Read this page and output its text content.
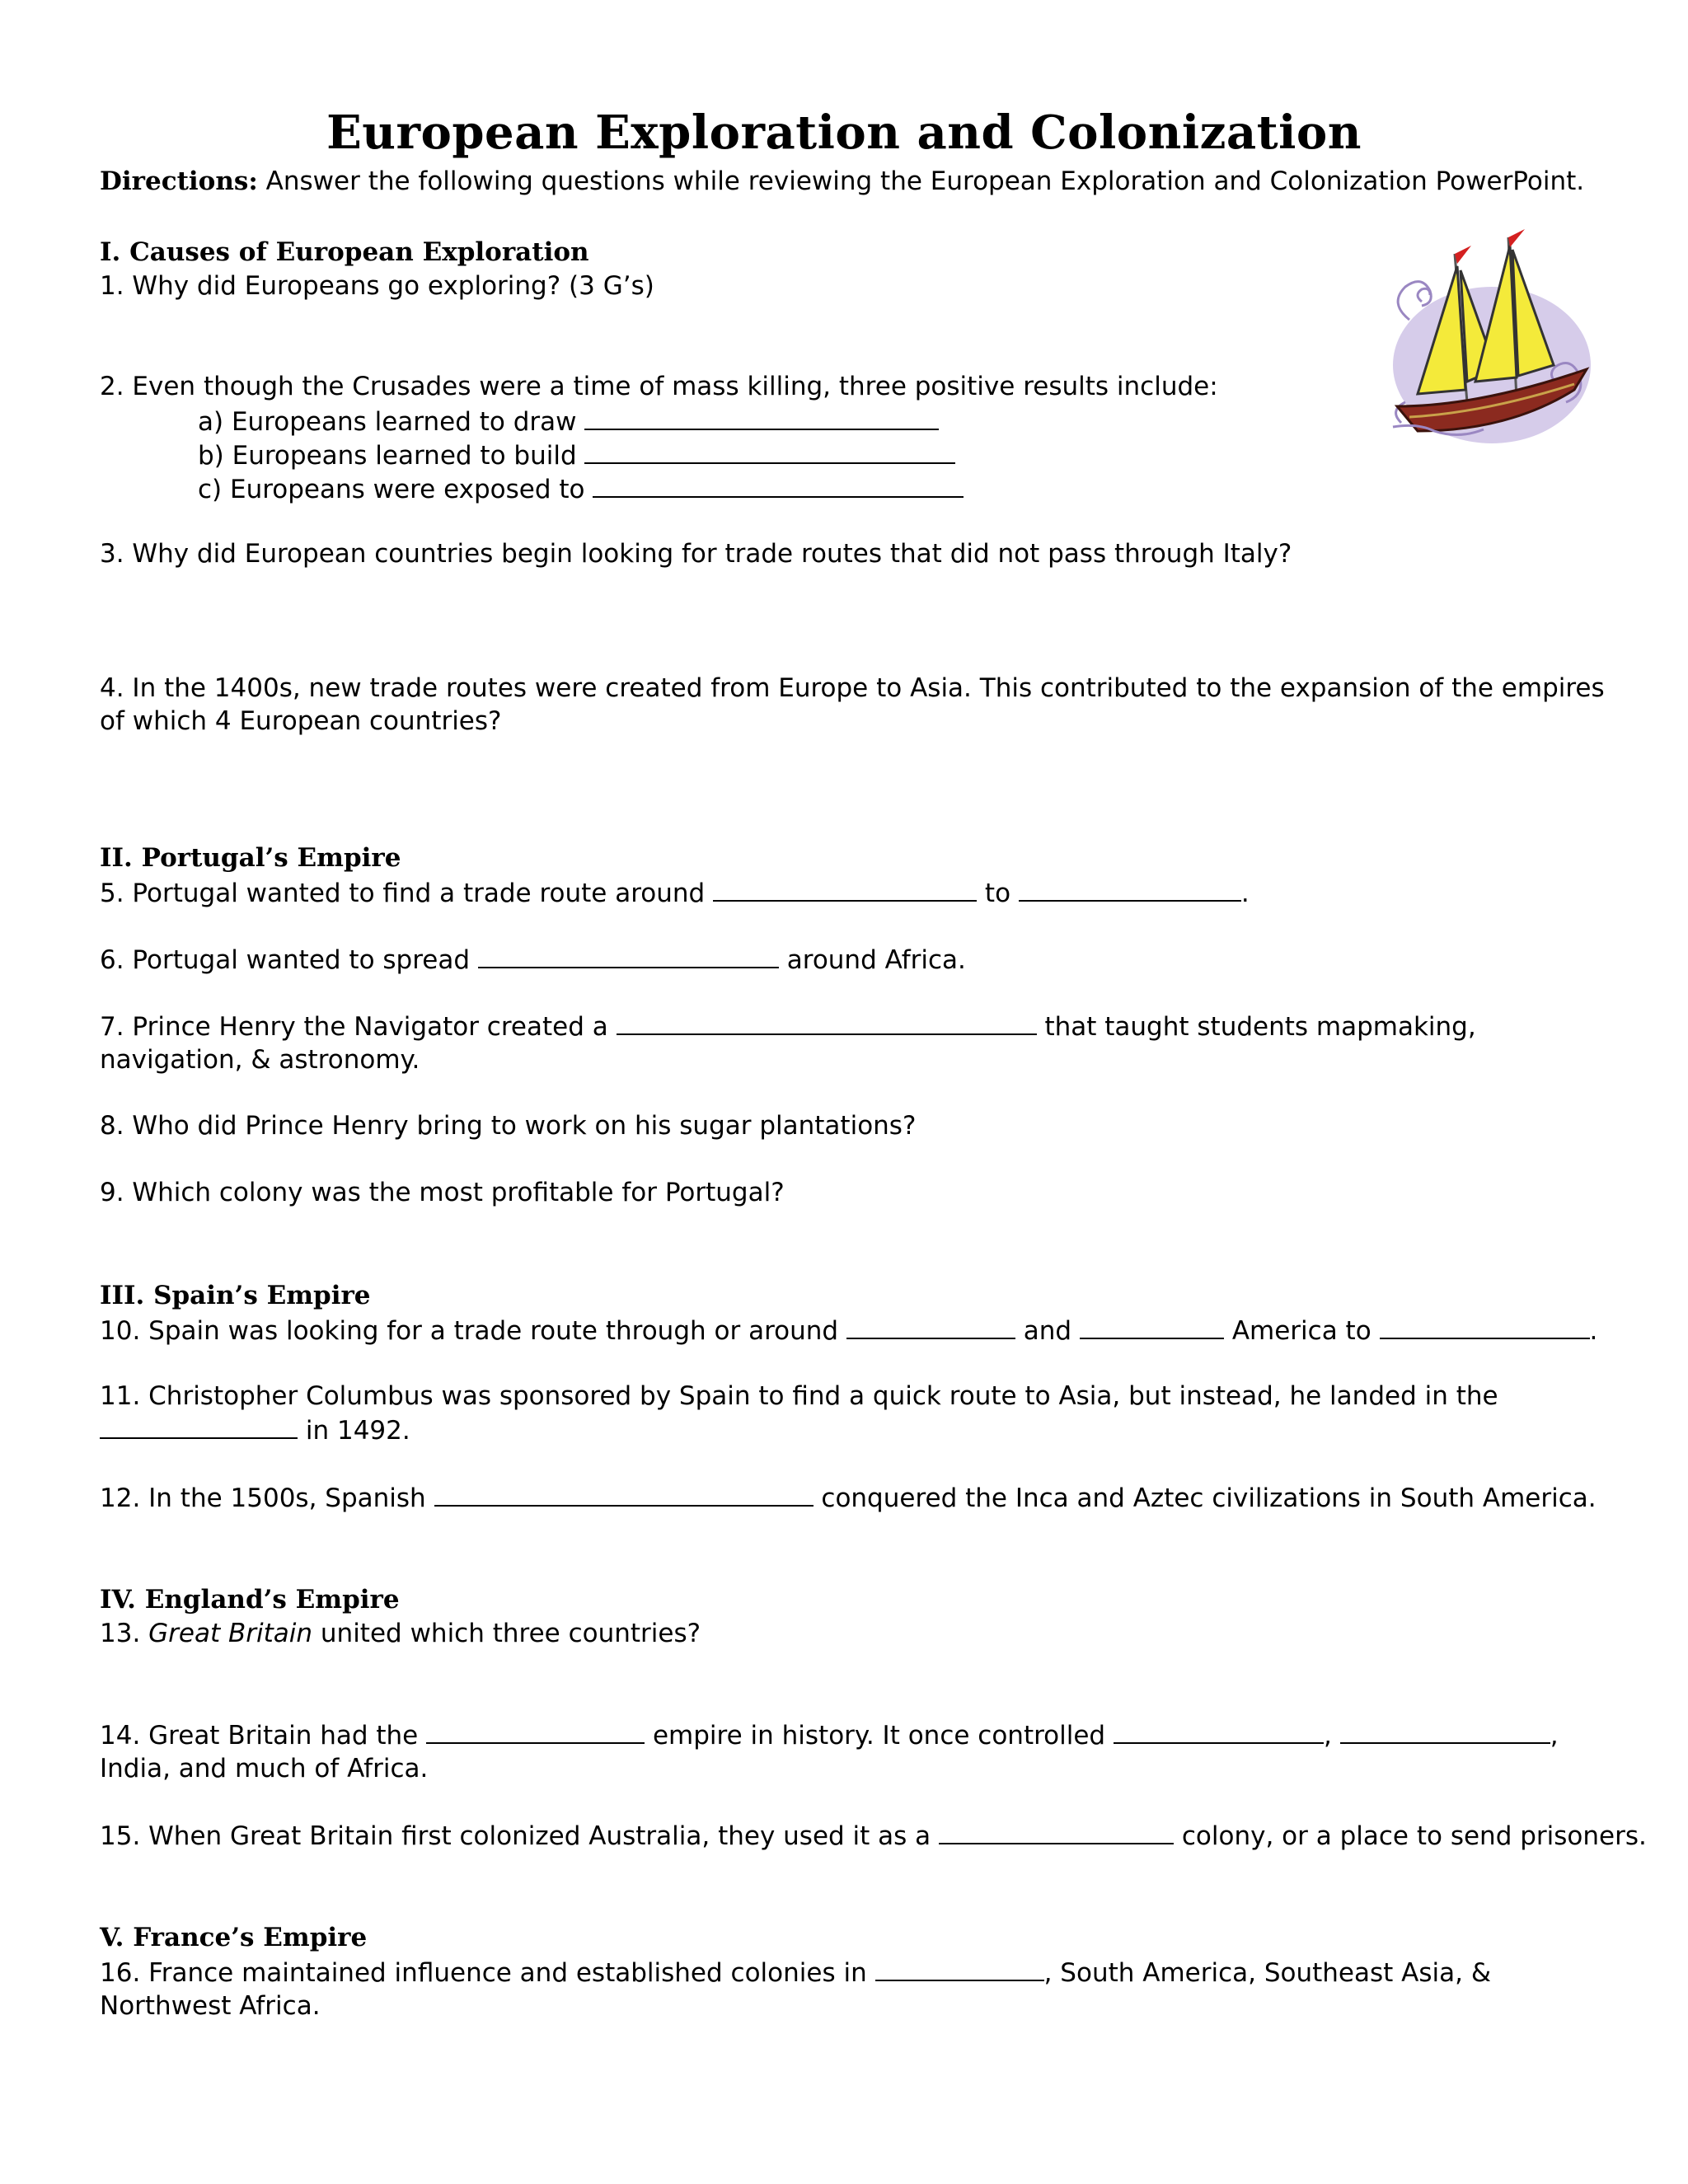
European Exploration and Colonization
Directions: Answer the following questions while reviewing the European Exploration and Colonization PowerPoint.
I. Causes of European Exploration
1. Why did Europeans go exploring? (3 G’s)
2. Even though the Crusades were a time of mass killing, three positive results include:
a) Europeans learned to draw
b) Europeans learned to build
c) Europeans were exposed to
3. Why did European countries begin looking for trade routes that did not pass through Italy?
4. In the 1400s, new trade routes were created from Europe to Asia. This contributed to the expansion of the empires of which 4 European countries?
II. Portugal’s Empire
5. Portugal wanted to find a trade route around	to	.
6. Portugal wanted to spread	around Africa.
7. Prince Henry the Navigator created a	that taught students mapmaking, navigation, & astronomy.
8. Who did Prince Henry bring to work on his sugar plantations?
9. Which colony was the most profitable for Portugal?
III. Spain’s Empire
10. Spain was looking for a trade route through or around	and	America to	.
11. Christopher Columbus was sponsored by Spain to find a quick route to Asia, but instead, he landed in the  in 1492.
12. In the 1500s, Spanish	conquered the Inca and Aztec civilizations in South America.
IV. England’s Empire
13. Great Britain united which three countries?
14. Great Britain had the	empire in history. It once controlled	,	, India, and much of Africa.
15. When Great Britain first colonized Australia, they used it as a	colony, or a place to send prisoners.
V. France’s Empire
16. France maintained influence and established colonies in	, South America, Southeast Asia, & Northwest Africa.
